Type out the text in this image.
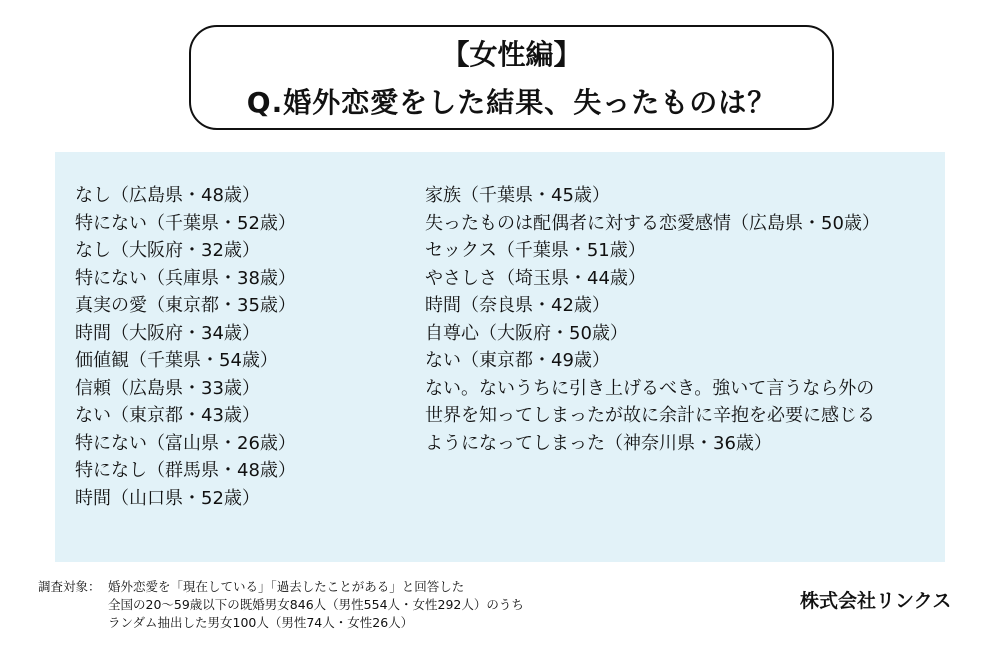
【女性編】
Q.婚外恋愛をした結果、失ったものは？
なし（広島県・48歳）
特にない（千葉県・52歳）
なし（大阪府・32歳）
特にない（兵庫県・38歳）
真実の愛（東京都・35歳）
時間（大阪府・34歳）
価値観（千葉県・54歳）
信頼（広島県・33歳）
ない（東京都・43歳）
特にない（富山県・26歳）
特になし（群馬県・48歳）
時間（山口県・52歳）
家族（千葉県・45歳）
失ったものは配偶者に対する恋愛感情（広島県・50歳）
セックス（千葉県・51歳）
やさしさ（埼玉県・44歳）
時間（奈良県・42歳）
自尊心（大阪府・50歳）
ない（東京都・49歳）
ない。ないうちに引き上げるべき。強いて言うなら外の
世界を知ってしまったが故に余計に辛抱を必要に感じる
ようになってしまった（神奈川県・36歳）
調査対象： 婚外恋愛を「現在している」「過去したことがある」と回答した
全国の20〜59歳以下の既婚男女846人（男性554人・女性292人）のうち
ランダム抽出した男女100人（男性74人・女性26人）
株式会社リンクス
